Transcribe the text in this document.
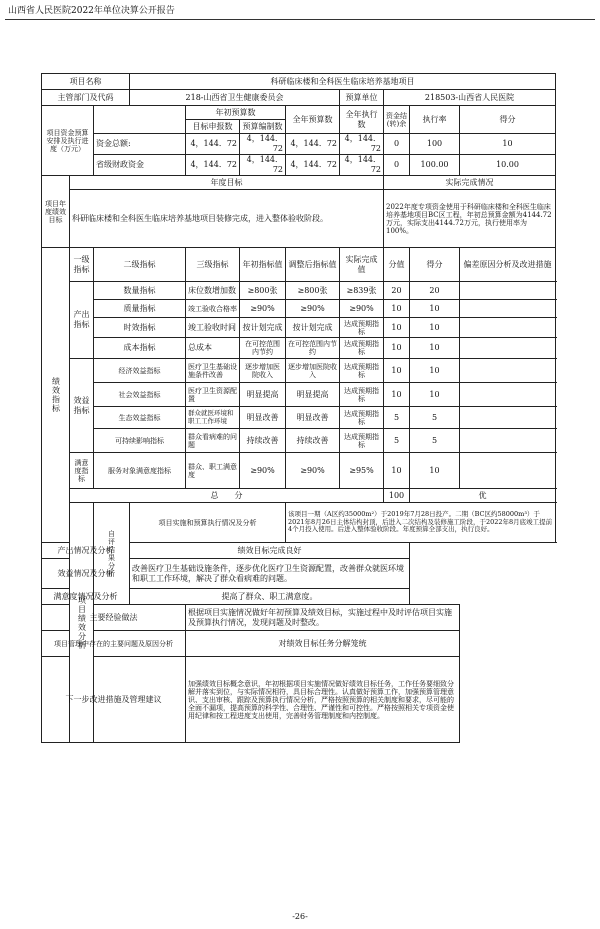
山西省人民医院2022年单位决算公开报告
项目名称			科研临床楼和全科医生临床培养基地项目							
主管部门及代码			218-山西省卫生健康委员会				预算单位	218503-山西省人民医院		
项目资金预算安排及执行进度（万元）				年初预算数		全年预算数	全年执行数	资金结(转)余	执行率	得分
				目标申报数	预算编制数					
		资金总额:		4，144．72	4，144．72	4，144．72	4，144．72	0	100	10
		省级财政资金		4，144．72	4，144．72	4，144．72	4，144．72	0	100.00	10.00
项目年度绩效目标	年度目标							实际完成情况		
	科研临床楼和全科医生临床培养基地项目装修完成，进入整体验收阶段。							2022年度专项资金使用于科研临床楼和全科医生临床培养基地项目BC区工程，年初总预算金额为4144.72万元，实际支出4144.72万元，执行使用率为100%。		
绩效指标	一级指标	二级指标		三级指标	年初指标值	调整后指标值	实际完成值	分值	得分	偏差原因分析及改进措施
	产出指标	数量指标		床位数增加数	≥800张	≥800张	≥839张	20	20	
		质量指标		竣工验收合格率	≥90%	≥90%	≥90%	10	10	
		时效指标		竣工验收时间	按计划完成	按计划完成	达成预期指标	10	10	
		成本指标		总成本	在可控范围内节约	在可控范围内节约	达成预期指标	10	10	
	效益指标	经济效益指标		医疗卫生基础设施条件改善	逐步增加医院收入	逐步增加医院收入	达成预期指标	10	10	
		社会效益指标		医疗卫生资源配置	明显提高	明显提高	达成预期指标	10	10	
		生态效益指标		群众就医环境和职工工作环境	明显改善	明显改善	达成预期指标	5	5	
		可持续影响指标		群众看病难的问题	持续改善	持续改善	达成预期指标	5	5	
	满意度指标	服务对象满意度指标		群众、职工满意度	≥90%	≥90%	≥95%	10	10	
	总　　分							100	优	
	项目绩效分析	自评结果分析	项目实施和预算执行情况及分析			该项目一期（A区约35000m²）于2019年7月28日投产。二期（BC区约58000m³）于2021年8月26日主体结构封顶，后进入二次结构及装修施工阶段，于2022年8月底竣工提前4个月投入使用。后进入整体验收阶段。年度预算全部支出，执行良好。				
产出情况及分析			绩效目标完成良好							
效益情况及分析			改善医疗卫生基础设施条件，逐步优化医疗卫生资源配置，改善群众就医环境和职工工作环境，解决了群众看病难的问题。							
满意度情况及分析			提高了群众、职工满意度。							
主要经验做法				根据项目实施情况做好年初预算及绩效目标，实施过程中及时评估项目实施及预算执行情况，发现问题及时整改。						
项目管理中存在的主要问题及原因分析				对绩效目标任务分解笼统						
下一步改进措施及管理建议				加强绩效目标概念意识，年初根据项目实施情况做好绩效目标任务，工作任务要细致分解并落实到位，与实际情况相符，具目标合理性。认真做好预算工作，加强预算管理意识、支出审核、跟踪及预算执行情况分析，严格按照预算的相关制度和要求，尽可能的全面不漏项，提高预算的科学性、合理性、严谨性和可控性。严格按照相关专项资金使用纪律和按工程进度支出使用，完善财务管理制度和内控制度。						
-26-
